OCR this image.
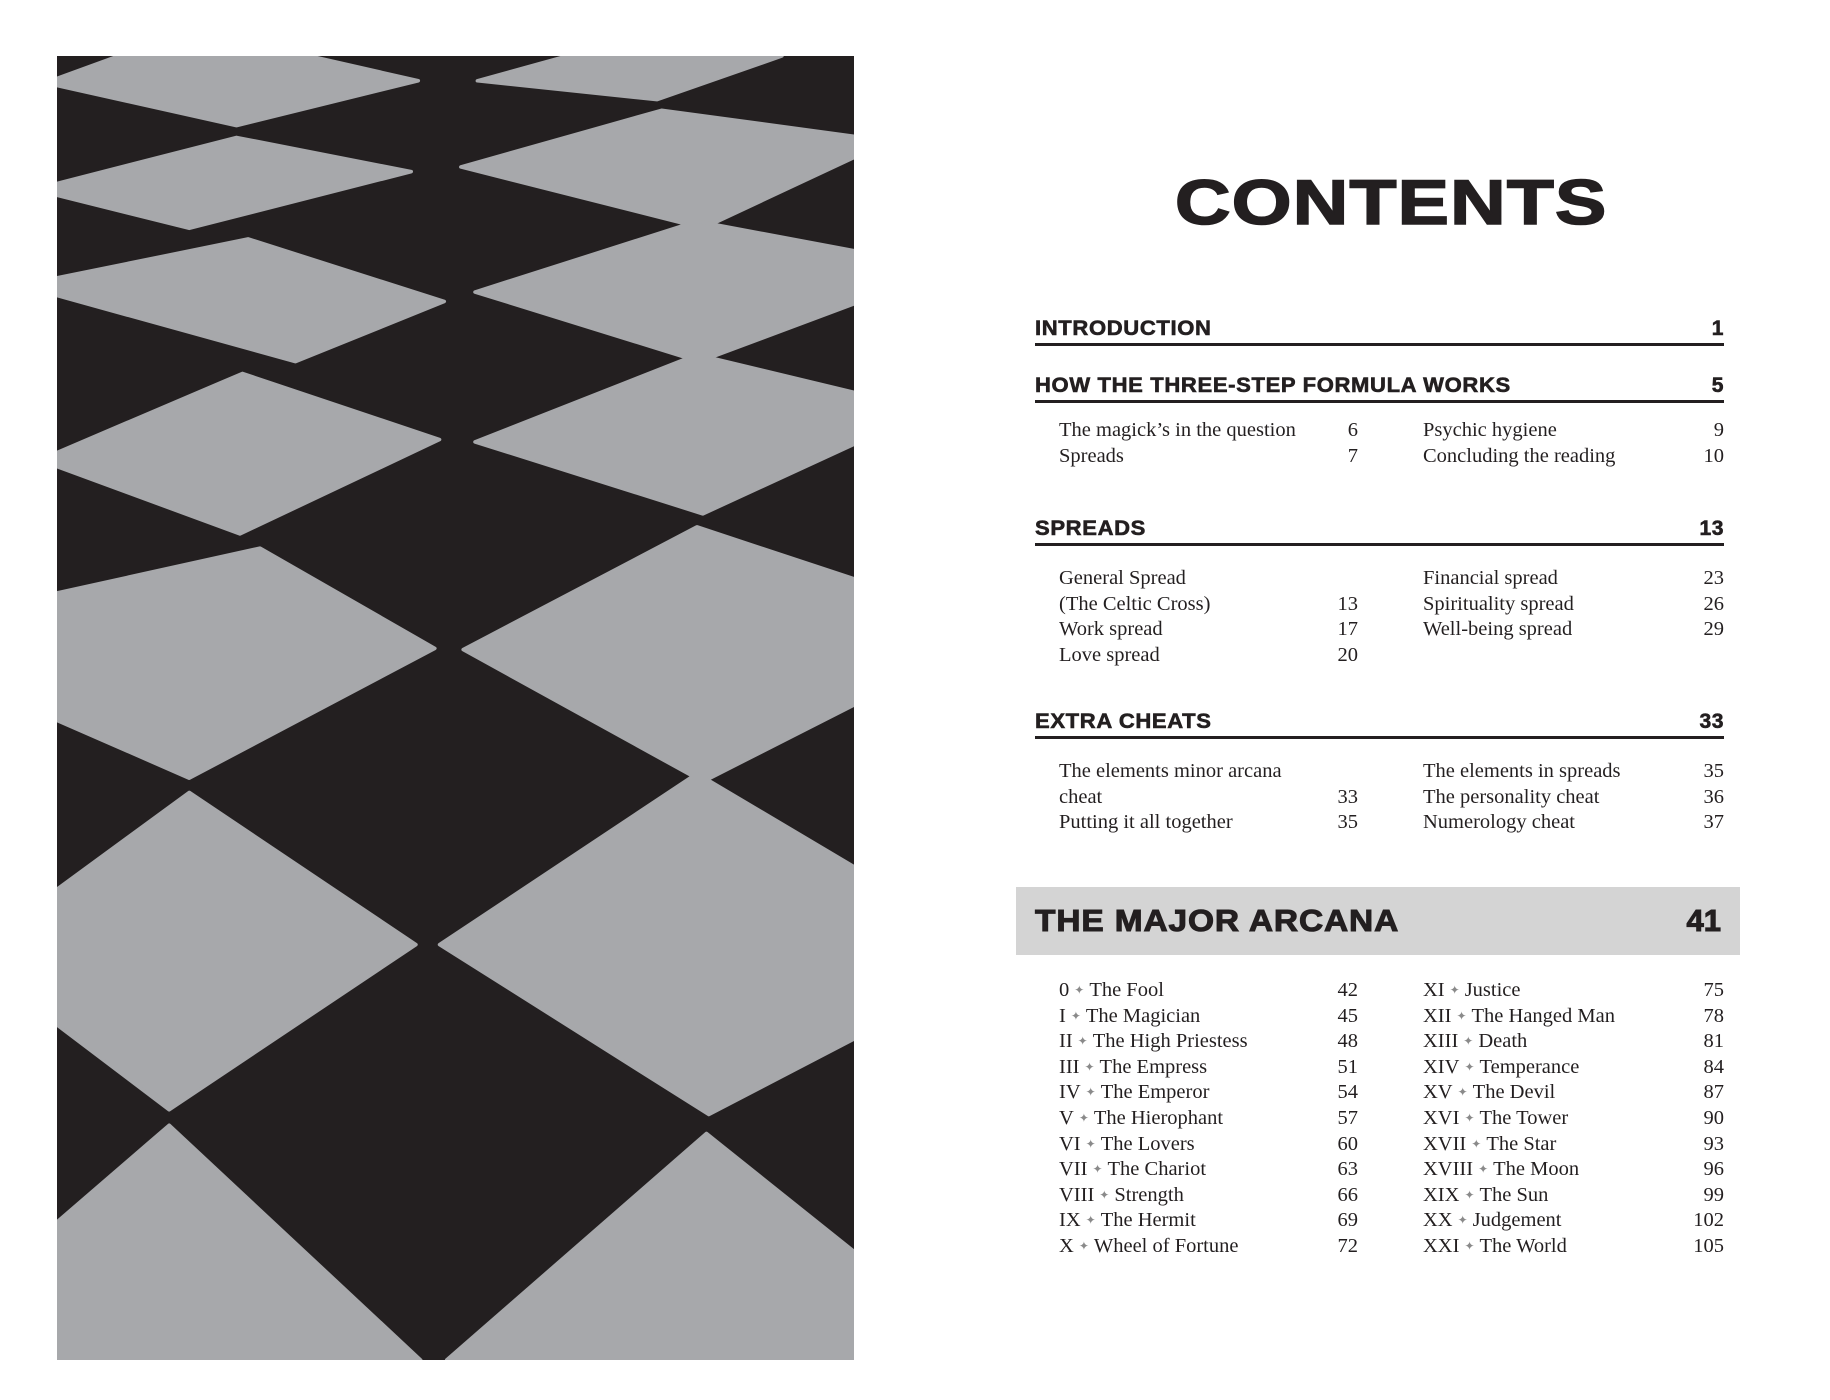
CONTENTS
INTRODUCTION	1
HOW THE THREE-STEP FORMULA WORKS	5
The magick’s in the question	6
Spreads	7
Psychic hygiene	9
Concluding the reading	10
SPREADS	13
General Spread
(The Celtic Cross)	13
Work spread	17
Love spread	20
Financial spread	23
Spirituality spread	26
Well-being spread	29
EXTRA CHEATS	33
The elements minor arcana
cheat	33
Putting it all together	35
The elements in spreads	35
The personality cheat	36
Numerology cheat	37
0 ✦ The Fool	42
I ✦ The Magician	45
II ✦ The High Priestess	48
III ✦ The Empress	51
IV ✦ The Emperor	54
V ✦ The Hierophant	57
VI ✦ The Lovers	60
VII ✦ The Chariot	63
VIII ✦ Strength	66
IX ✦ The Hermit	69
X ✦ Wheel of Fortune	72
XI ✦ Justice	75
XII ✦ The Hanged Man	78
XIII ✦ Death	81
XIV ✦ Temperance	84
XV ✦ The Devil	87
XVI ✦ The Tower	90
XVII ✦ The Star	93
XVIII ✦ The Moon	96
XIX ✦ The Sun	99
XX ✦ Judgement	102
XXI ✦ The World	105
THE MAJOR ARCANA	41
